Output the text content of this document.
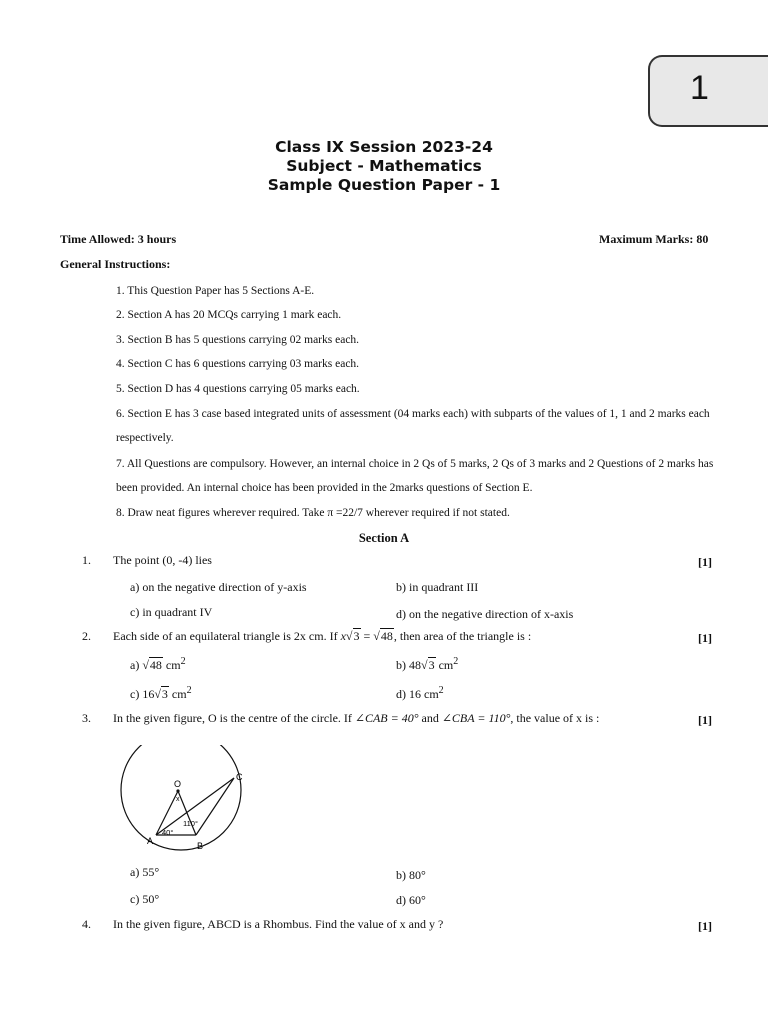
1
Class IX Session 2023-24
Subject - Mathematics
Sample Question Paper - 1
Time Allowed: 3 hours	Maximum Marks: 80
General Instructions:
1. This Question Paper has 5 Sections A-E.
2. Section A has 20 MCQs carrying 1 mark each.
3. Section B has 5 questions carrying 02 marks each.
4. Section C has 6 questions carrying 03 marks each.
5. Section D has 4 questions carrying 05 marks each.
6. Section E has 3 case based integrated units of assessment (04 marks each) with subparts of the values of 1, 1 and 2 marks each respectively.
7. All Questions are compulsory. However, an internal choice in 2 Qs of 5 marks, 2 Qs of 3 marks and 2 Questions of 2 marks has been provided. An internal choice has been provided in the 2marks questions of Section E.
8. Draw neat figures wherever required. Take π =22/7 wherever required if not stated.
Section A
1. The point (0, -4) lies	[1]
a) on the negative direction of y-axis	b) in quadrant III
c) in quadrant IV	d) on the negative direction of x-axis
2. Each side of an equilateral triangle is 2x cm. If x√3 = √48, then area of the triangle is :	[1]
a) √48 $cm^2$	b) 48√3 $cm^2$
c) 16√3 $cm^2$	d) 16 $cm^2$
3. In the given figure, O is the centre of the circle. If ∠CAB = 40° and ∠CBA = 110°, the value of x is :	[1]
O
x
C
A	B
110°
40°
a) 55°	b) 80°
c) 50°	d) 60°
4. In the given figure, ABCD is a Rhombus. Find the value of x and y ?	[1]
